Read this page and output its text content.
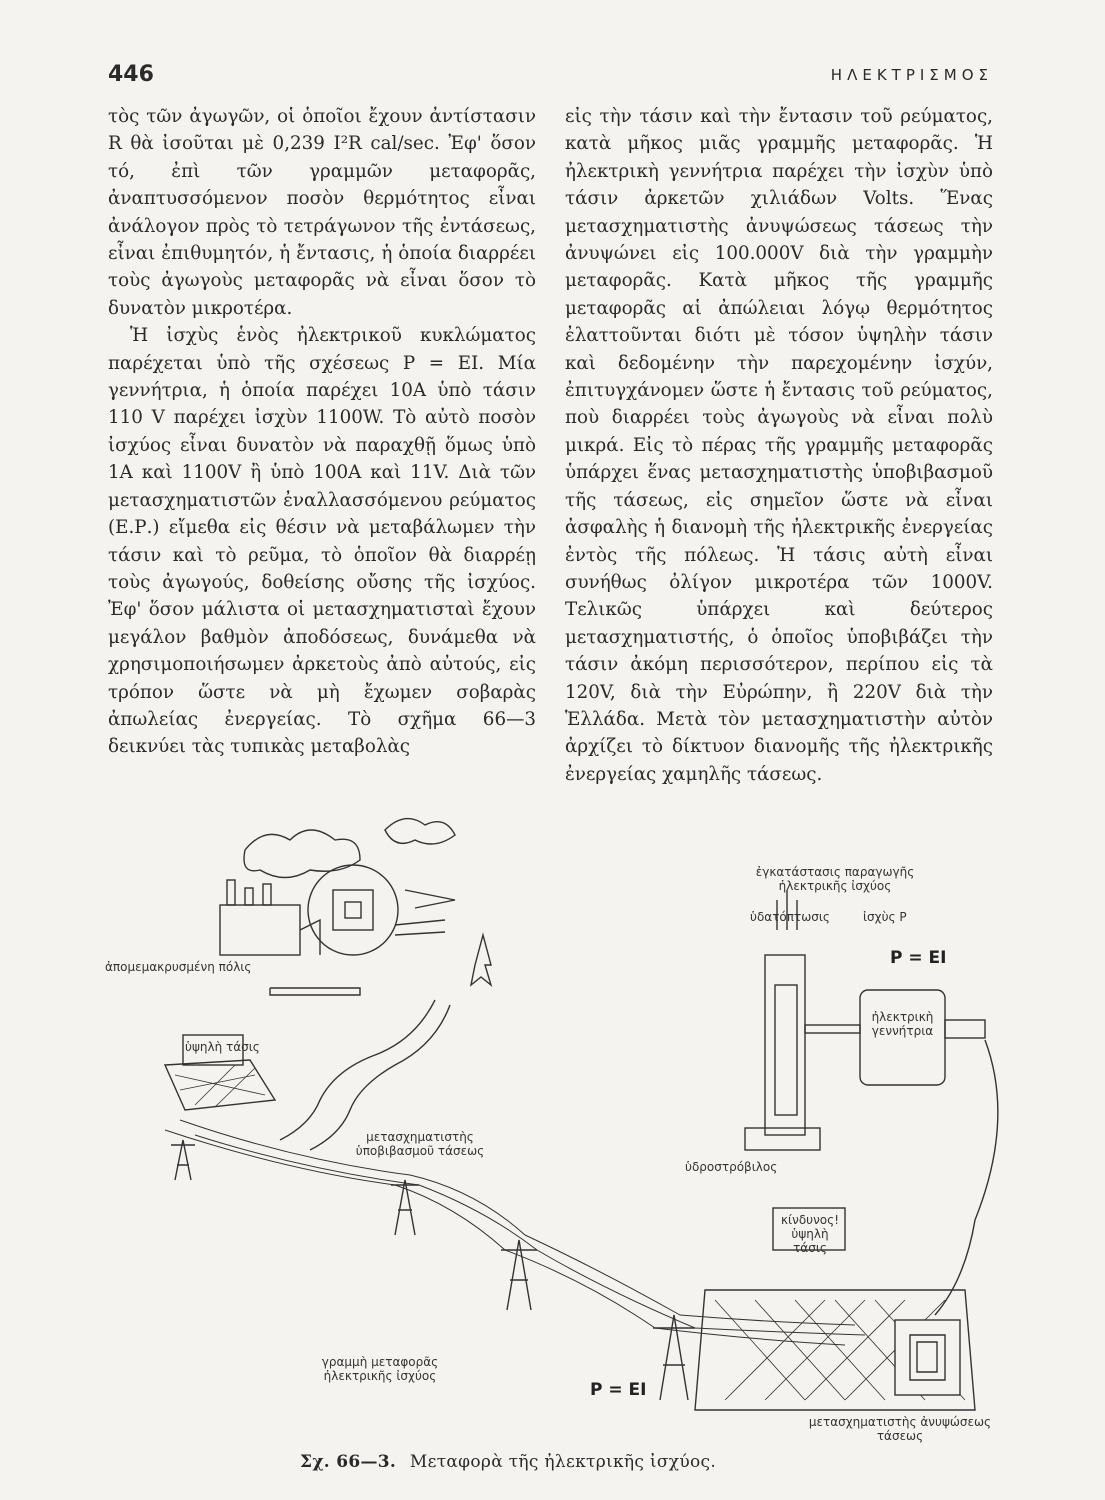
446	ΗΛΕΚΤΡΙΣΜΟΣ

τὸς τῶν ἀγωγῶν, οἱ ὁποῖοι ἔχουν ἀντίστασιν R θὰ ἰσοῦται μὲ 0,239 I²R cal/sec. Ἐφ' ὅσον τό, ἐπὶ τῶν γραμμῶν μεταφορᾶς, ἀναπτυσσόμενον ποσὸν θερμότητος εἶναι ἀνάλογον πρὸς τὸ τετράγωνον τῆς ἐντάσεως, εἶναι ἐπιθυμητόν, ἡ ἔντασις, ἡ ὁποία διαρρέει τοὺς ἀγωγοὺς μεταφορᾶς νὰ εἶναι ὅσον τὸ δυνατὸν μικροτέρα.

Ἡ ἰσχὺς ἑνὸς ἠλεκτρικοῦ κυκλώματος παρέχεται ὑπὸ τῆς σχέσεως P = EI. Μία γεννήτρια, ἡ ὁποία παρέχει 10A ὑπὸ τάσιν 110 V παρέχει ἰσχὺν 1100W. Τὸ αὐτὸ ποσὸν ἰσχύος εἶναι δυνατὸν νὰ παραχθῇ ὅμως ὑπὸ 1A καὶ 1100V ἢ ὑπὸ 100A καὶ 11V. Διὰ τῶν μετασχηματιστῶν ἐναλλασσόμενου ρεύματος (Ε.Ρ.) εἴμεθα εἰς θέσιν νὰ μεταβάλωμεν τὴν τάσιν καὶ τὸ ρεῦμα, τὸ ὁποῖον θὰ διαρρέῃ τοὺς ἀγωγούς, δοθείσης οὔσης τῆς ἰσχύος. Ἐφ' ὅσον μάλιστα οἱ μετασχηματισταὶ ἔχουν μεγάλον βαθμὸν ἀποδόσεως, δυνάμεθα νὰ χρησιμοποιήσωμεν ἀρκετοὺς ἀπὸ αὐτούς, εἰς τρόπον ὥστε νὰ μὴ ἔχωμεν σοβαρὰς ἀπωλείας ἐνεργείας. Τὸ σχῆμα 66—3 δεικνύει τὰς τυπικὰς μεταβολὰς

εἰς τὴν τάσιν καὶ τὴν ἔντασιν τοῦ ρεύματος, κατὰ μῆκος μιᾶς γραμμῆς μεταφορᾶς. Ἡ ἠλεκτρικὴ γεννήτρια παρέχει τὴν ἰσχὺν ὑπὸ τάσιν ἀρκετῶν χιλιάδων Volts. Ἕνας μετασχηματιστὴς ἀνυψώσεως τάσεως τὴν ἀνυψώνει εἰς 100.000V διὰ τὴν γραμμὴν μεταφορᾶς. Κατὰ μῆκος τῆς γραμμῆς μεταφορᾶς αἱ ἀπώλειαι λόγῳ θερμότητος ἐλαττοῦνται διότι μὲ τόσον ὑψηλὴν τάσιν καὶ δεδομένην τὴν παρεχομένην ἰσχύν, ἐπιτυγχάνομεν ὥστε ἡ ἔντασις τοῦ ρεύματος, ποὺ διαρρέει τοὺς ἀγωγοὺς νὰ εἶναι πολὺ μικρά. Εἰς τὸ πέρας τῆς γραμμῆς μεταφορᾶς ὑπάρχει ἕνας μετασχηματιστὴς ὑποβιβασμοῦ τῆς τάσεως, εἰς σημεῖον ὥστε νὰ εἶναι ἀσφαλὴς ἡ διανομὴ τῆς ἠλεκτρικῆς ἐνεργείας ἐντὸς τῆς πόλεως. Ἡ τάσις αὐτὴ εἶναι συνήθως ὀλίγον μικροτέρα τῶν 1000V. Τελικῶς ὑπάρχει καὶ δεύτερος μετασχηματιστής, ὁ ὁποῖος ὑποβιβάζει τὴν τάσιν ἀκόμη περισσότερον, περίπου εἰς τὰ 120V, διὰ τὴν Εὐρώπην, ἢ 220V διὰ τὴν Ἑλλάδα. Μετὰ τὸν μετασχηματιστὴν αὐτὸν ἀρχίζει τὸ δίκτυον διανομῆς τῆς ἠλεκτρικῆς ἐνεργείας χαμηλῆς τάσεως.

ἀπομεμακρυσμένη πόλις
ὑψηλὴ τάσις
μετασχηματιστὴς ὑποβιβασμοῦ τάσεως
γραμμὴ μεταφορᾶς ἠλεκτρικῆς ἰσχύος
ἐγκατάστασις παραγωγῆς ἠλεκτρικῆς ἰσχύος
ὑδατόπτωσις	ἰσχὺς P
P = EI
ἠλεκτρικὴ γεννήτρια
ὑδροστρόβιλος
κίνδυνος! ὑψηλὴ τάσις
P = EI
μετασχηματιστὴς ἀνυψώσεως τάσεως
Σχ. 66—3. Μεταφορὰ τῆς ἠλεκτρικῆς ἰσχύος.
